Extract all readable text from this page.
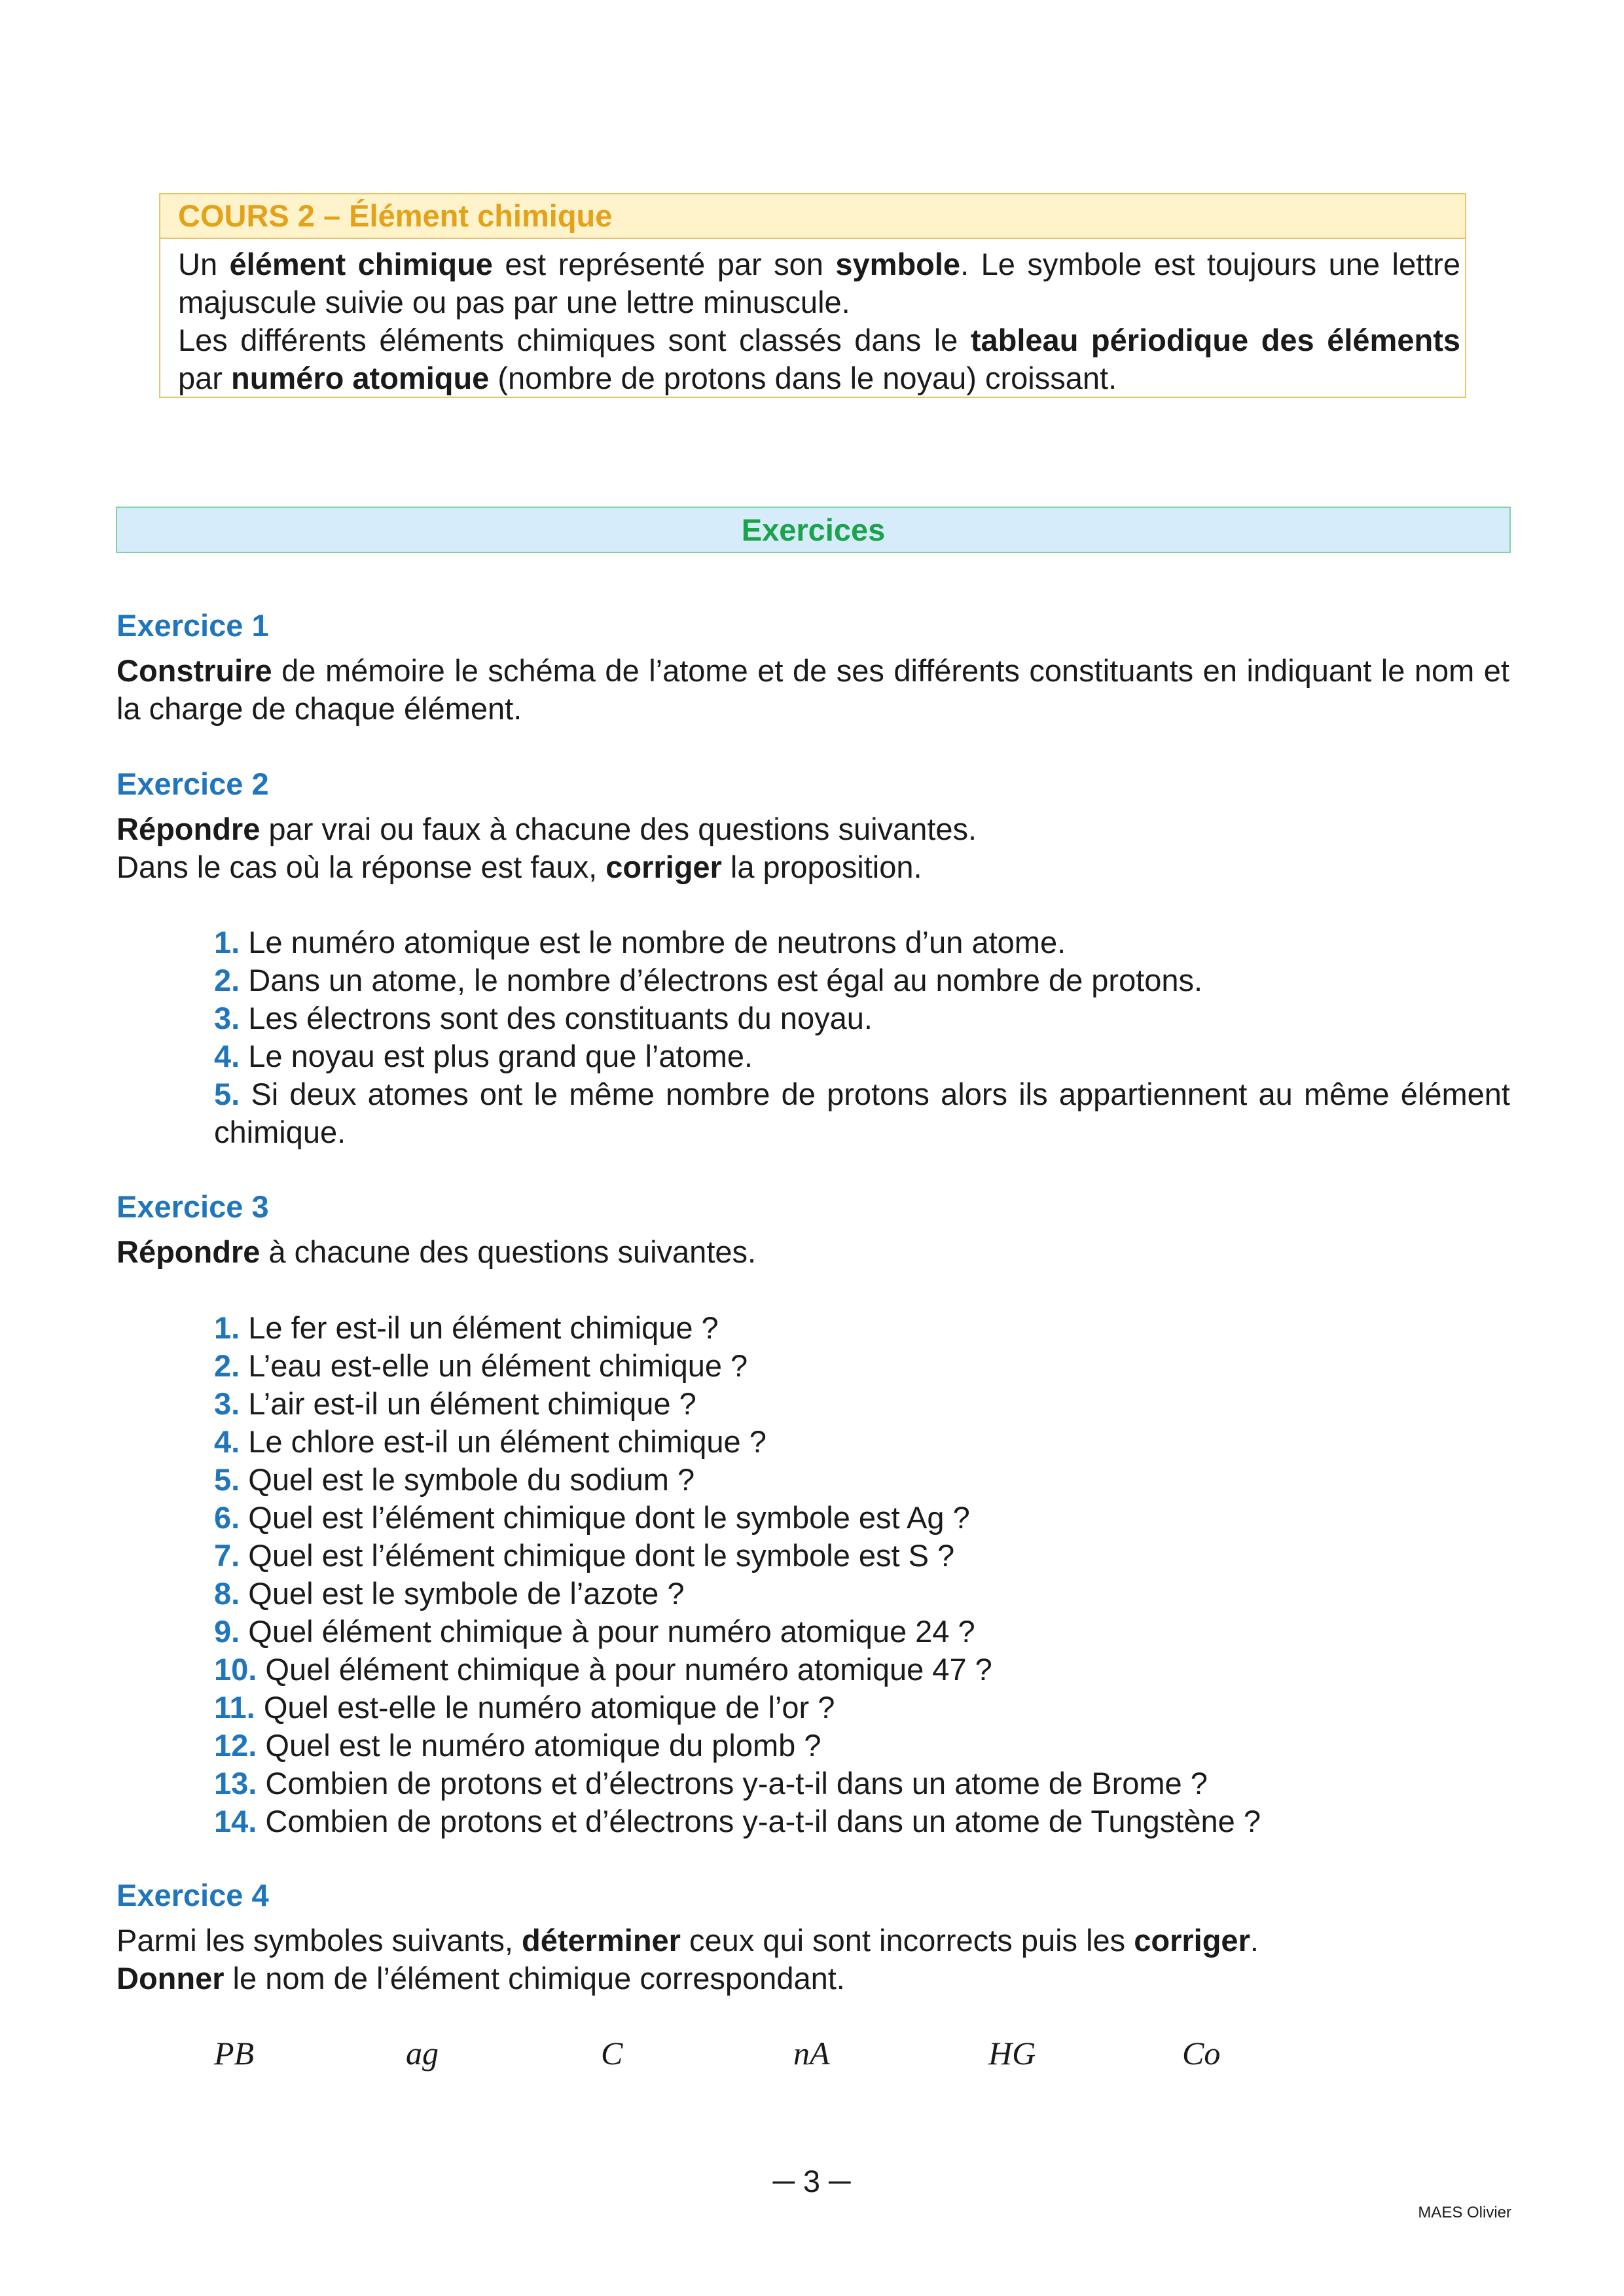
COURS 2 – Élément chimique
Un élément chimique est représenté par son symbole. Le symbole est toujours une lettre majuscule suivie ou pas par une lettre minuscule.
Les différents éléments chimiques sont classés dans le tableau périodique des éléments par numéro atomique (nombre de protons dans le noyau) croissant.
Exercices
Exercice 1
Construire de mémoire le schéma de l’atome et de ses différents constituants en indiquant le nom et la charge de chaque élément.
Exercice 2
Répondre par vrai ou faux à chacune des questions suivantes.
Dans le cas où la réponse est faux, corriger la proposition.
1. Le numéro atomique est le nombre de neutrons d’un atome.
2. Dans un atome, le nombre d’électrons est égal au nombre de protons.
3. Les électrons sont des constituants du noyau.
4. Le noyau est plus grand que l’atome.
5. Si deux atomes ont le même nombre de protons alors ils appartiennent au même élément chimique.
Exercice 3
Répondre à chacune des questions suivantes.
1. Le fer est-il un élément chimique ?
2. L’eau est-elle un élément chimique ?
3. L’air est-il un élément chimique ?
4. Le chlore est-il un élément chimique ?
5. Quel est le symbole du sodium ?
6. Quel est l’élément chimique dont le symbole est Ag ?
7. Quel est l’élément chimique dont le symbole est S ?
8. Quel est le symbole de l’azote ?
9. Quel élément chimique à pour numéro atomique 24 ?
10. Quel élément chimique à pour numéro atomique 47 ?
11. Quel est-elle le numéro atomique de l’or ?
12. Quel est le numéro atomique du plomb ?
13. Combien de protons et d’électrons y-a-t-il dans un atome de Brome ?
14. Combien de protons et d’électrons y-a-t-il dans un atome de Tungstène ?
Exercice 4
Parmi les symboles suivants, déterminer ceux qui sont incorrects puis les corriger.
Donner le nom de l’élément chimique correspondant.
PB	ag	C	nA	HG	Co
─ 3 ─
MAES Olivier
